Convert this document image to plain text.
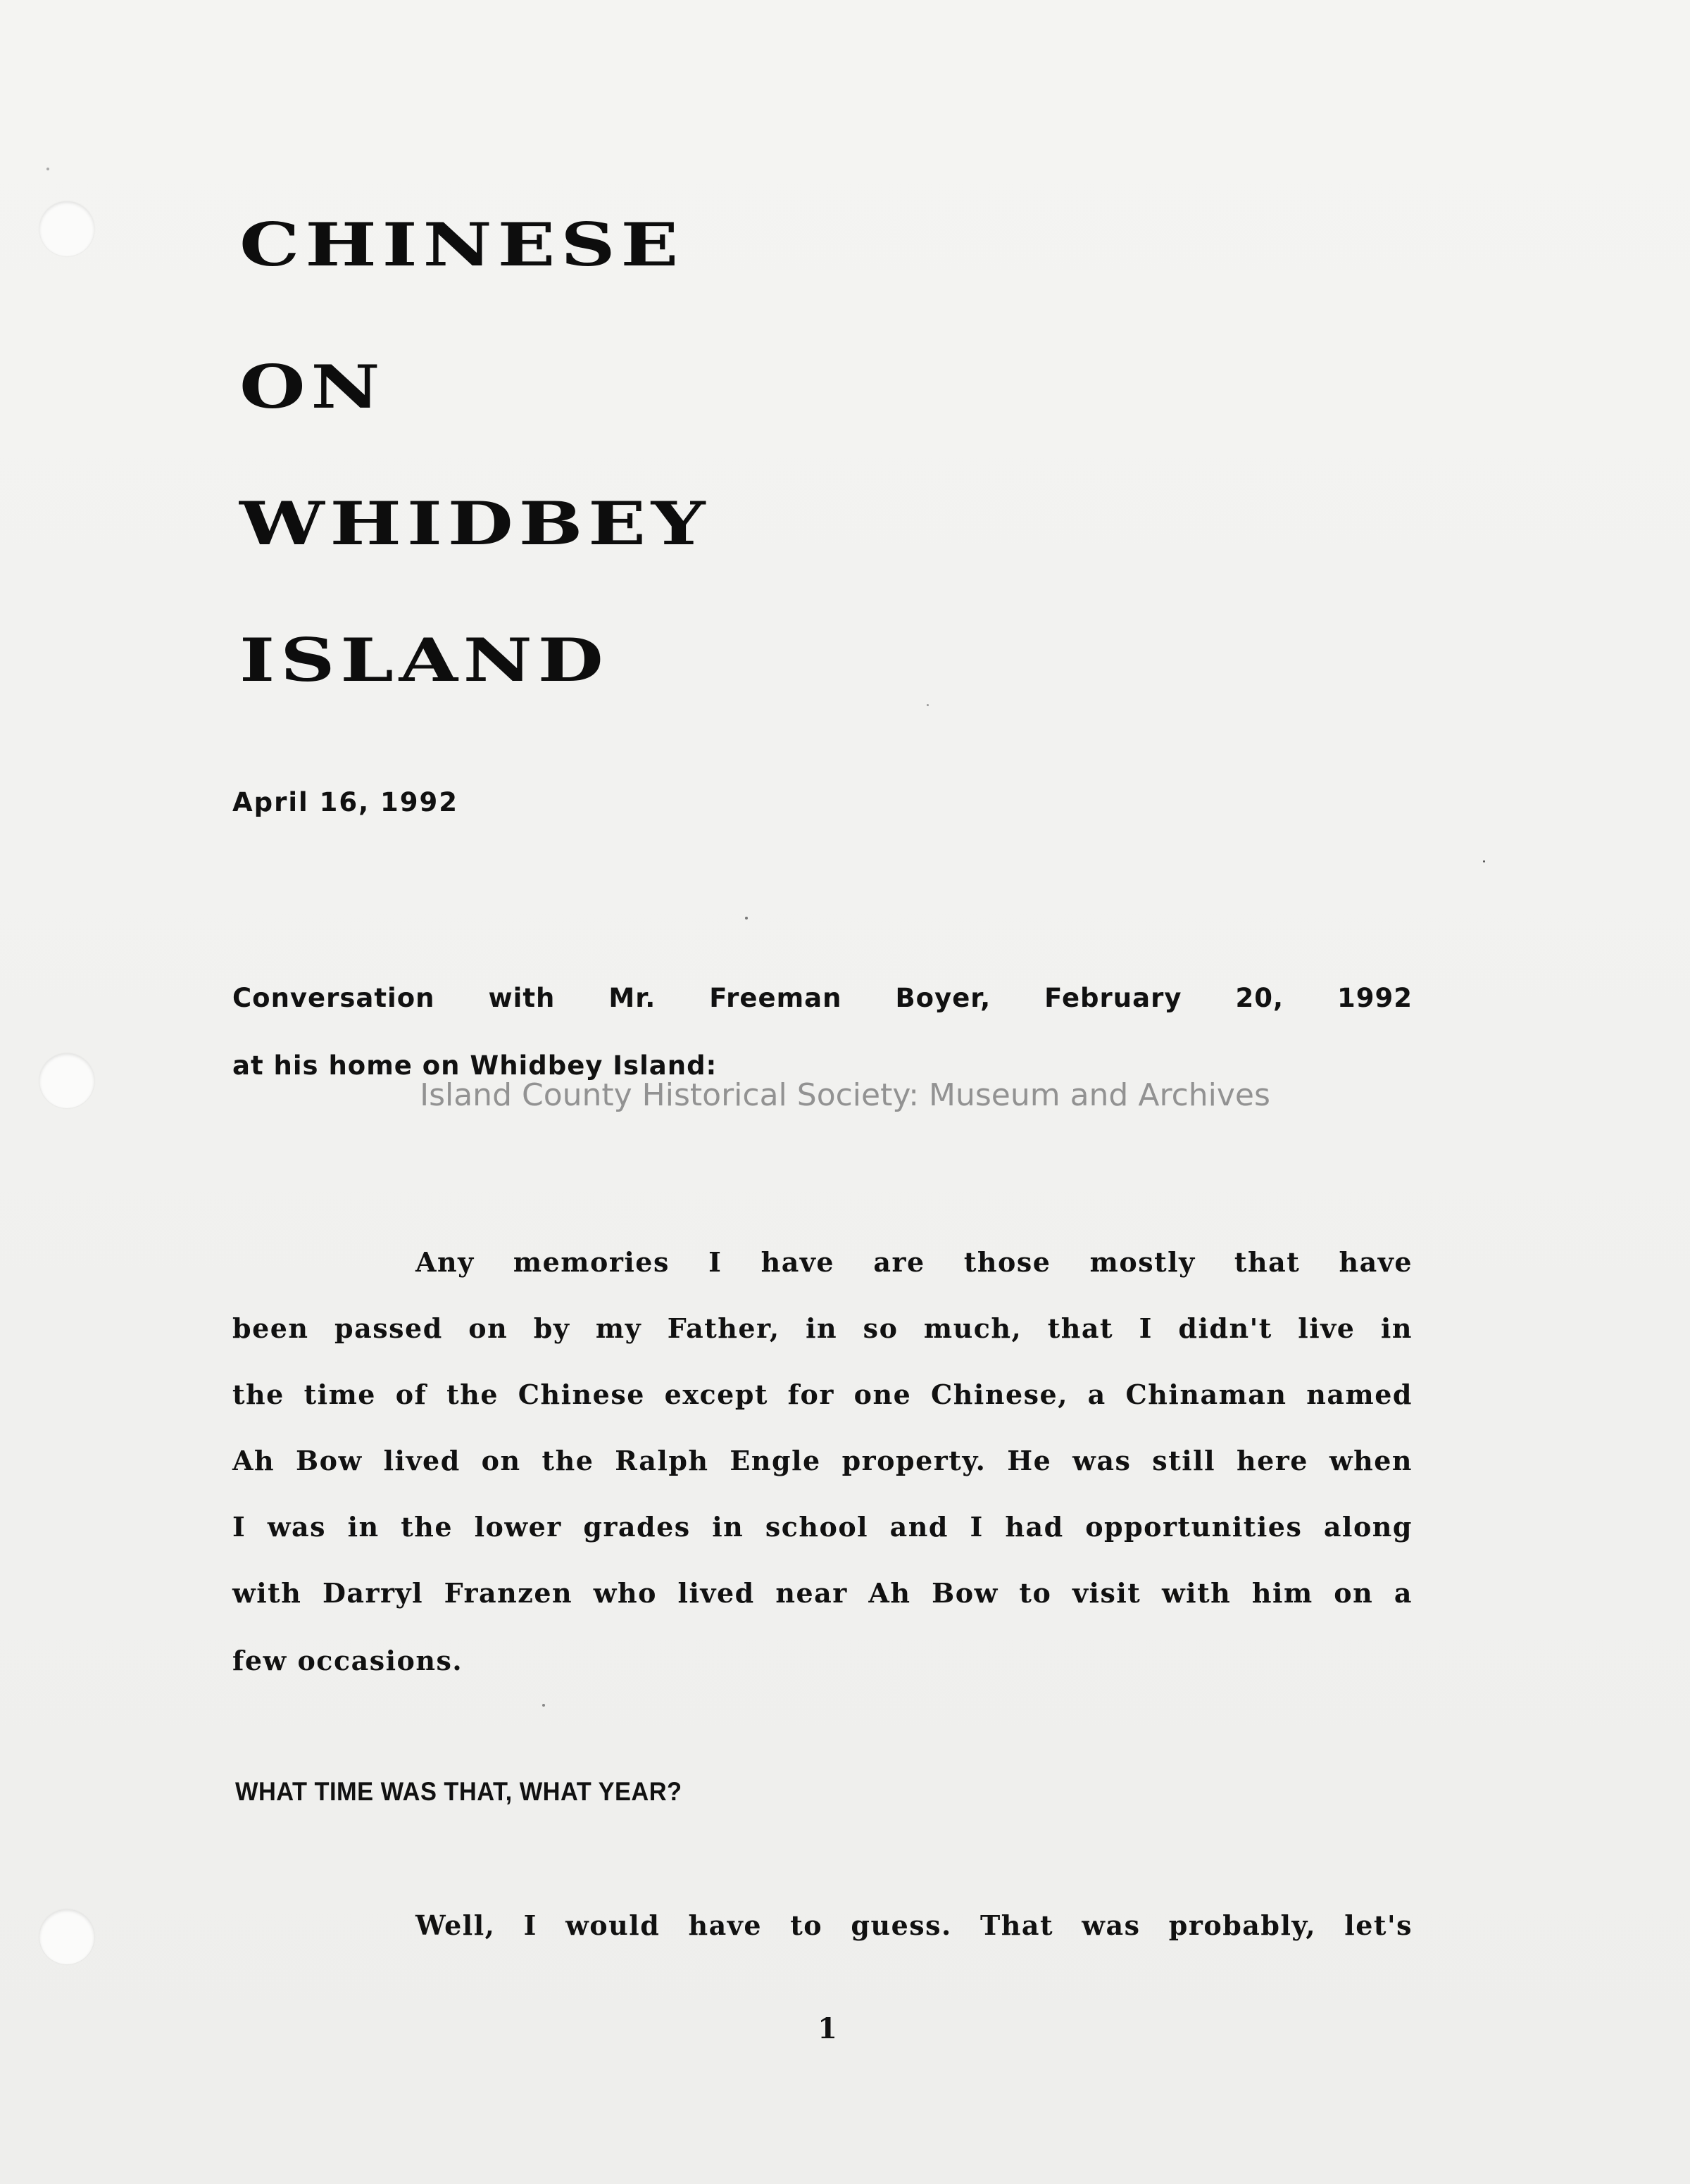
CHINESE
ON
WHIDBEY
ISLAND
April 16, 1992
Conversation with Mr. Freeman Boyer, February 20, 1992
at his home on Whidbey Island:
Island County Historical Society: Museum and Archives
Any memories I have are those mostly that have
been passed on by my Father, in so much, that I didn't live in
the time of the Chinese except for one Chinese, a Chinaman named
Ah Bow lived on the Ralph Engle property. He was still here when
I was in the lower grades in school and I had opportunities along
with Darryl Franzen who lived near Ah Bow to visit with him on a
few occasions.
WHAT TIME WAS THAT, WHAT YEAR?
Well, I would have to guess. That was probably, let's
1
